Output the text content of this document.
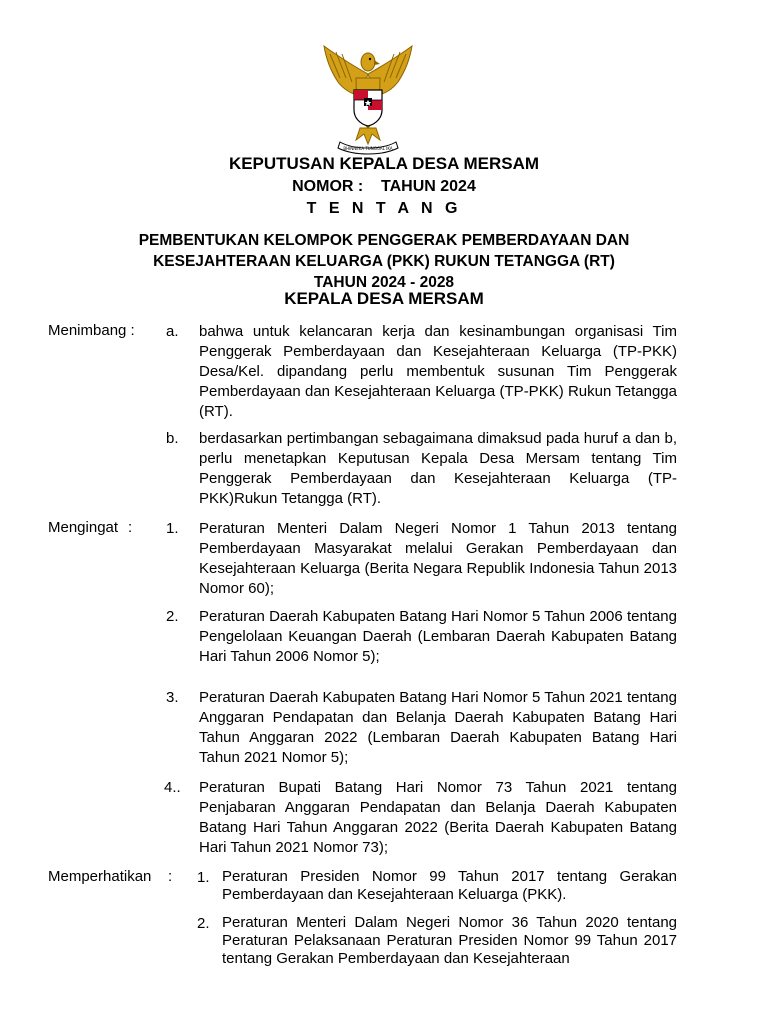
BHINNEKA TUNGGAL IKA
KEPUTUSAN KEPALA DESA MERSAM
NOMOR :    TAHUN 2024
T E N T A N G
PEMBENTUKAN KELOMPOK PENGGERAK PEMBERDAYAAN DAN
KESEJAHTERAAN KELUARGA (PKK) RUKUN TETANGGA (RT)
TAHUN 2024 - 2028
KEPALA DESA MERSAM
Menimbang : a. bahwa untuk kelancaran kerja dan kesinambungan organisasi Tim Penggerak Pemberdayaan dan Kesejahteraan Keluarga (TP-PKK) Desa/Kel. dipandang perlu membentuk susunan Tim Penggerak Pemberdayaan dan Kesejahteraan Keluarga (TP-PKK) Rukun Tetangga (RT).
b. berdasarkan pertimbangan sebagaimana dimaksud pada huruf a dan b, perlu menetapkan Keputusan Kepala Desa Mersam tentang Tim Penggerak Pemberdayaan dan Kesejahteraan Keluarga (TP-PKK)Rukun Tetangga (RT).
Mengingat : 1. Peraturan Menteri Dalam Negeri Nomor 1 Tahun 2013 tentang Pemberdayaan Masyarakat melalui Gerakan Pemberdayaan dan Kesejahteraan Keluarga (Berita Negara Republik Indonesia Tahun 2013 Nomor 60);
2. Peraturan Daerah Kabupaten Batang Hari Nomor 5 Tahun 2006 tentang Pengelolaan Keuangan Daerah (Lembaran Daerah Kabupaten Batang Hari Tahun 2006 Nomor 5);
3. Peraturan Daerah Kabupaten Batang Hari Nomor 5 Tahun 2021 tentang Anggaran Pendapatan dan Belanja Daerah Kabupaten Batang Hari Tahun Anggaran 2022 (Lembaran Daerah Kabupaten Batang Hari Tahun 2021 Nomor 5);
4.. Peraturan Bupati Batang Hari Nomor 73 Tahun 2021 tentang Penjabaran Anggaran Pendapatan dan Belanja Daerah Kabupaten Batang Hari Tahun Anggaran 2022 (Berita Daerah Kabupaten Batang Hari Tahun 2021 Nomor 73);
Memperhatikan : 1. Peraturan Presiden Nomor 99 Tahun 2017 tentang Gerakan Pemberdayaan dan Kesejahteraan Keluarga (PKK).
2. Peraturan Menteri Dalam Negeri Nomor 36 Tahun 2020 tentang Peraturan Pelaksanaan Peraturan Presiden Nomor 99 Tahun 2017 tentang Gerakan Pemberdayaan dan Kesejahteraan
